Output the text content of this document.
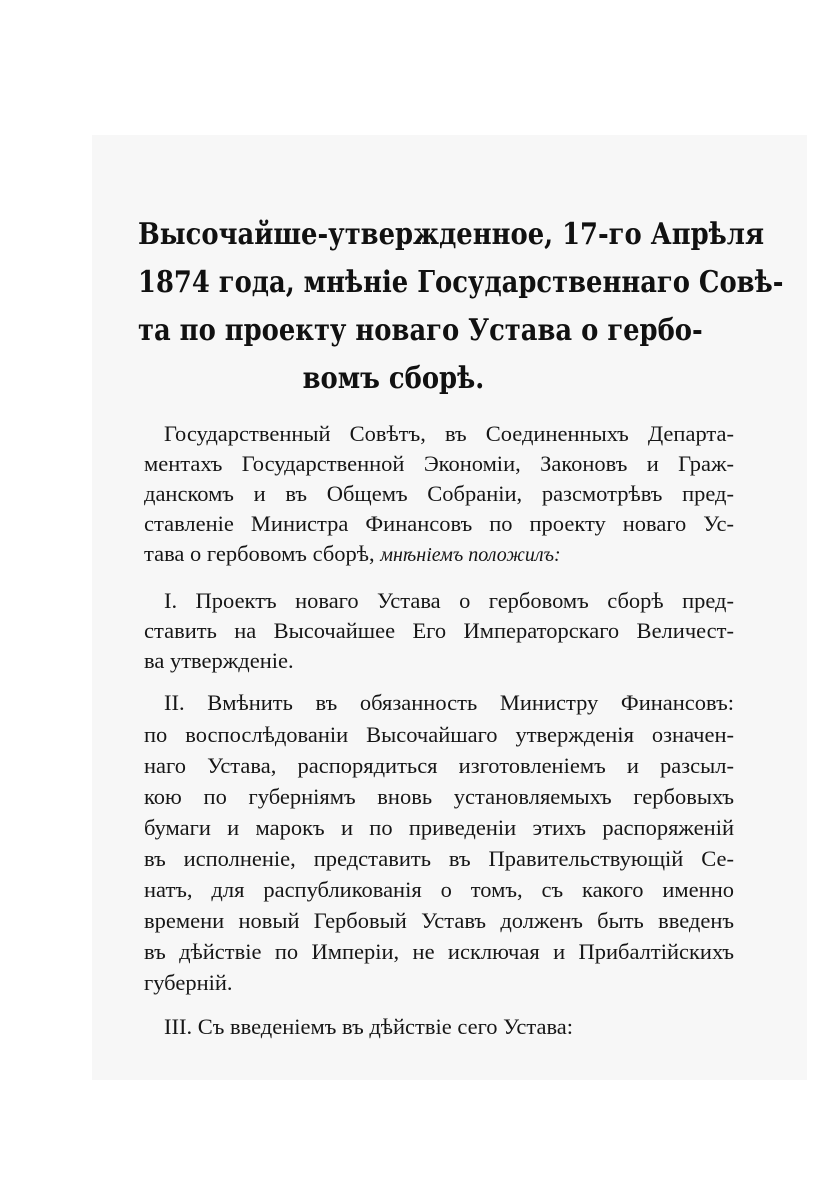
Высочайше-утвержденное, 17-го Апрѣля
1874 года, мнѣніе Государственнаго Совѣ-
та по проекту новаго Устава о гербо-
вомъ сборѣ.
Государственный Совѣтъ, въ Соединенныхъ Департа-
ментахъ Государственной Экономіи, Законовъ и Граж-
данскомъ и въ Общемъ Собраніи, разсмотрѣвъ пред-
ставленіе Министра Финансовъ по проекту новаго Ус-
тава о гербовомъ сборѣ, мнѣніемъ положилъ:
I. Проектъ новаго Устава о гербовомъ сборѣ пред-
ставить на Высочайшее Его Императорскаго Величест-
ва утвержденіе.
II. Вмѣнить въ обязанность Министру Финансовъ:
по воспослѣдованіи Высочайшаго утвержденія означен-
наго Устава, распорядиться изготовленіемъ и разсыл-
кою по губерніямъ вновь установляемыхъ гербовыхъ
бумаги и марокъ и по приведеніи этихъ распоряженій
въ исполненіе, представить въ Правительствующій Се-
натъ, для распубликованія о томъ, съ какого именно
времени новый Гербовый Уставъ долженъ быть введенъ
въ дѣйствіе по Имперіи, не исключая и Прибалтійскихъ
губерній.
III. Съ введеніемъ въ дѣйствіе сего Устава:
